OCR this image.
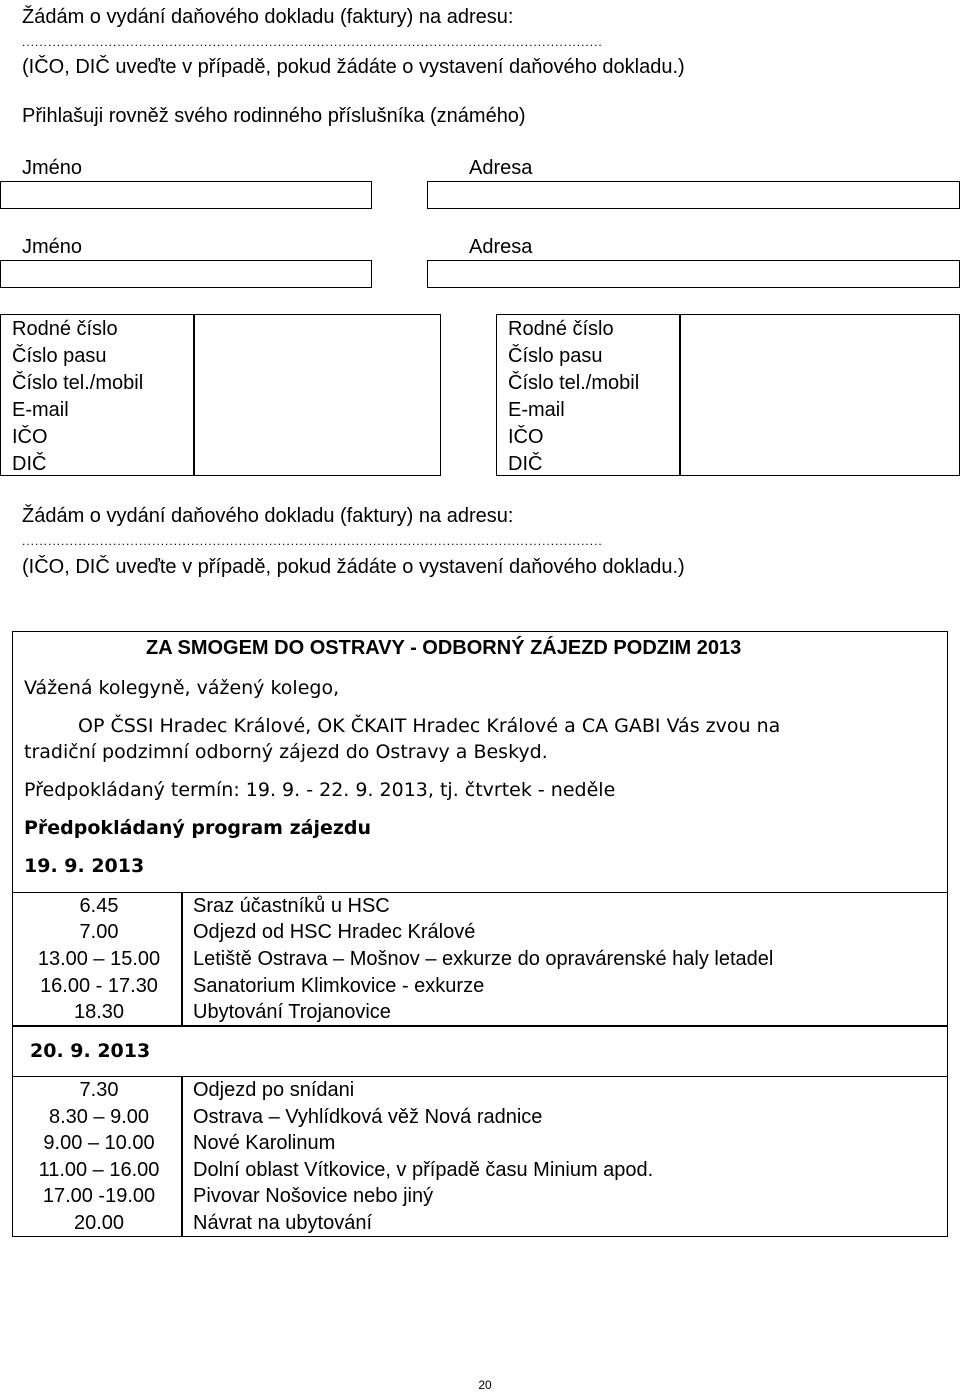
Žádám o vydání daňového dokladu (faktury) na adresu:
......................................................................................................................................
(IČO, DIČ uveďte v případě, pokud žádáte o vystavení daňového dokladu.)
Přihlašuji rovněž svého rodinného příslušníka (známého)
Jméno	Adresa
Jméno	Adresa
Rodné číslo
Číslo pasu
Číslo tel./mobil
E-mail
IČO
DIČ
Rodné číslo
Číslo pasu
Číslo tel./mobil
E-mail
IČO
DIČ
Žádám o vydání daňového dokladu (faktury) na adresu:
......................................................................................................................................
(IČO, DIČ uveďte v případě, pokud žádáte o vystavení daňového dokladu.)
ZA SMOGEM DO OSTRAVY - ODBORNÝ ZÁJEZD PODZIM 2013
Vážená kolegyně, vážený kolego,
OP ČSSI Hradec Králové, OK ČKAIT Hradec Králové a CA GABI Vás zvou na
tradiční podzimní odborný zájezd do Ostravy a Beskyd.
Předpokládaný termín: 19. 9. - 22. 9. 2013, tj. čtvrtek - neděle
Předpokládaný program zájezdu
19. 9. 2013
6.45	Sraz účastníků u HSC
7.00	Odjezd od HSC Hradec Králové
13.00 – 15.00	Letiště Ostrava – Mošnov – exkurze do opravárenské haly letadel
16.00 - 17.30	Sanatorium Klimkovice - exkurze
18.30	Ubytování Trojanovice
20. 9. 2013
7.30	Odjezd po snídani
8.30 – 9.00	Ostrava – Vyhlídková věž Nová radnice
9.00 – 10.00	Nové Karolinum
11.00 – 16.00	Dolní oblast Vítkovice, v případě času Minium apod.
17.00 -19.00	Pivovar Nošovice nebo jiný
20.00	Návrat na ubytování
20
